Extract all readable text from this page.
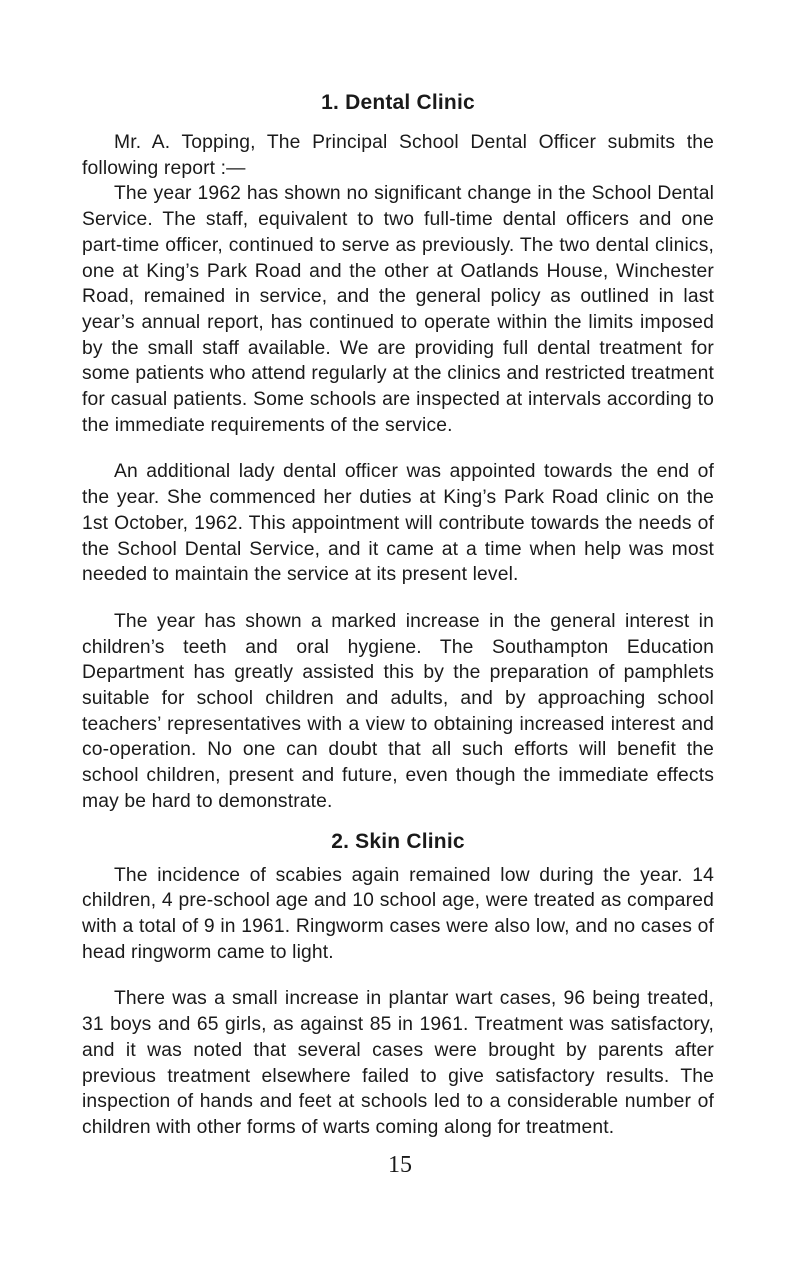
1. Dental Clinic

Mr. A. Topping, The Principal School Dental Officer submits the following report :—

The year 1962 has shown no significant change in the School Dental Service. The staff, equivalent to two full-time dental officers and one part-time officer, continued to serve as previously. The two dental clinics, one at King’s Park Road and the other at Oatlands House, Winchester Road, remained in service, and the general policy as outlined in last year’s annual report, has continued to operate within the limits imposed by the small staff available. We are providing full dental treatment for some patients who attend regularly at the clinics and restricted treatment for casual patients. Some schools are inspected at intervals according to the immediate requirements of the service.

An additional lady dental officer was appointed towards the end of the year. She commenced her duties at King’s Park Road clinic on the 1st October, 1962. This appointment will contribute towards the needs of the School Dental Service, and it came at a time when help was most needed to maintain the service at its present level.

The year has shown a marked increase in the general interest in children’s teeth and oral hygiene. The Southampton Education Department has greatly assisted this by the preparation of pamphlets suitable for school children and adults, and by approaching school teachers’ representatives with a view to obtaining increased interest and co-operation. No one can doubt that all such efforts will benefit the school children, present and future, even though the immediate effects may be hard to demonstrate.

2. Skin Clinic

The incidence of scabies again remained low during the year. 14 children, 4 pre-school age and 10 school age, were treated as compared with a total of 9 in 1961. Ringworm cases were also low, and no cases of head ringworm came to light.

There was a small increase in plantar wart cases, 96 being treated, 31 boys and 65 girls, as against 85 in 1961. Treatment was satisfactory, and it was noted that several cases were brought by parents after previous treatment elsewhere failed to give satisfactory results. The inspection of hands and feet at schools led to a considerable number of children with other forms of warts coming along for treatment.

15
